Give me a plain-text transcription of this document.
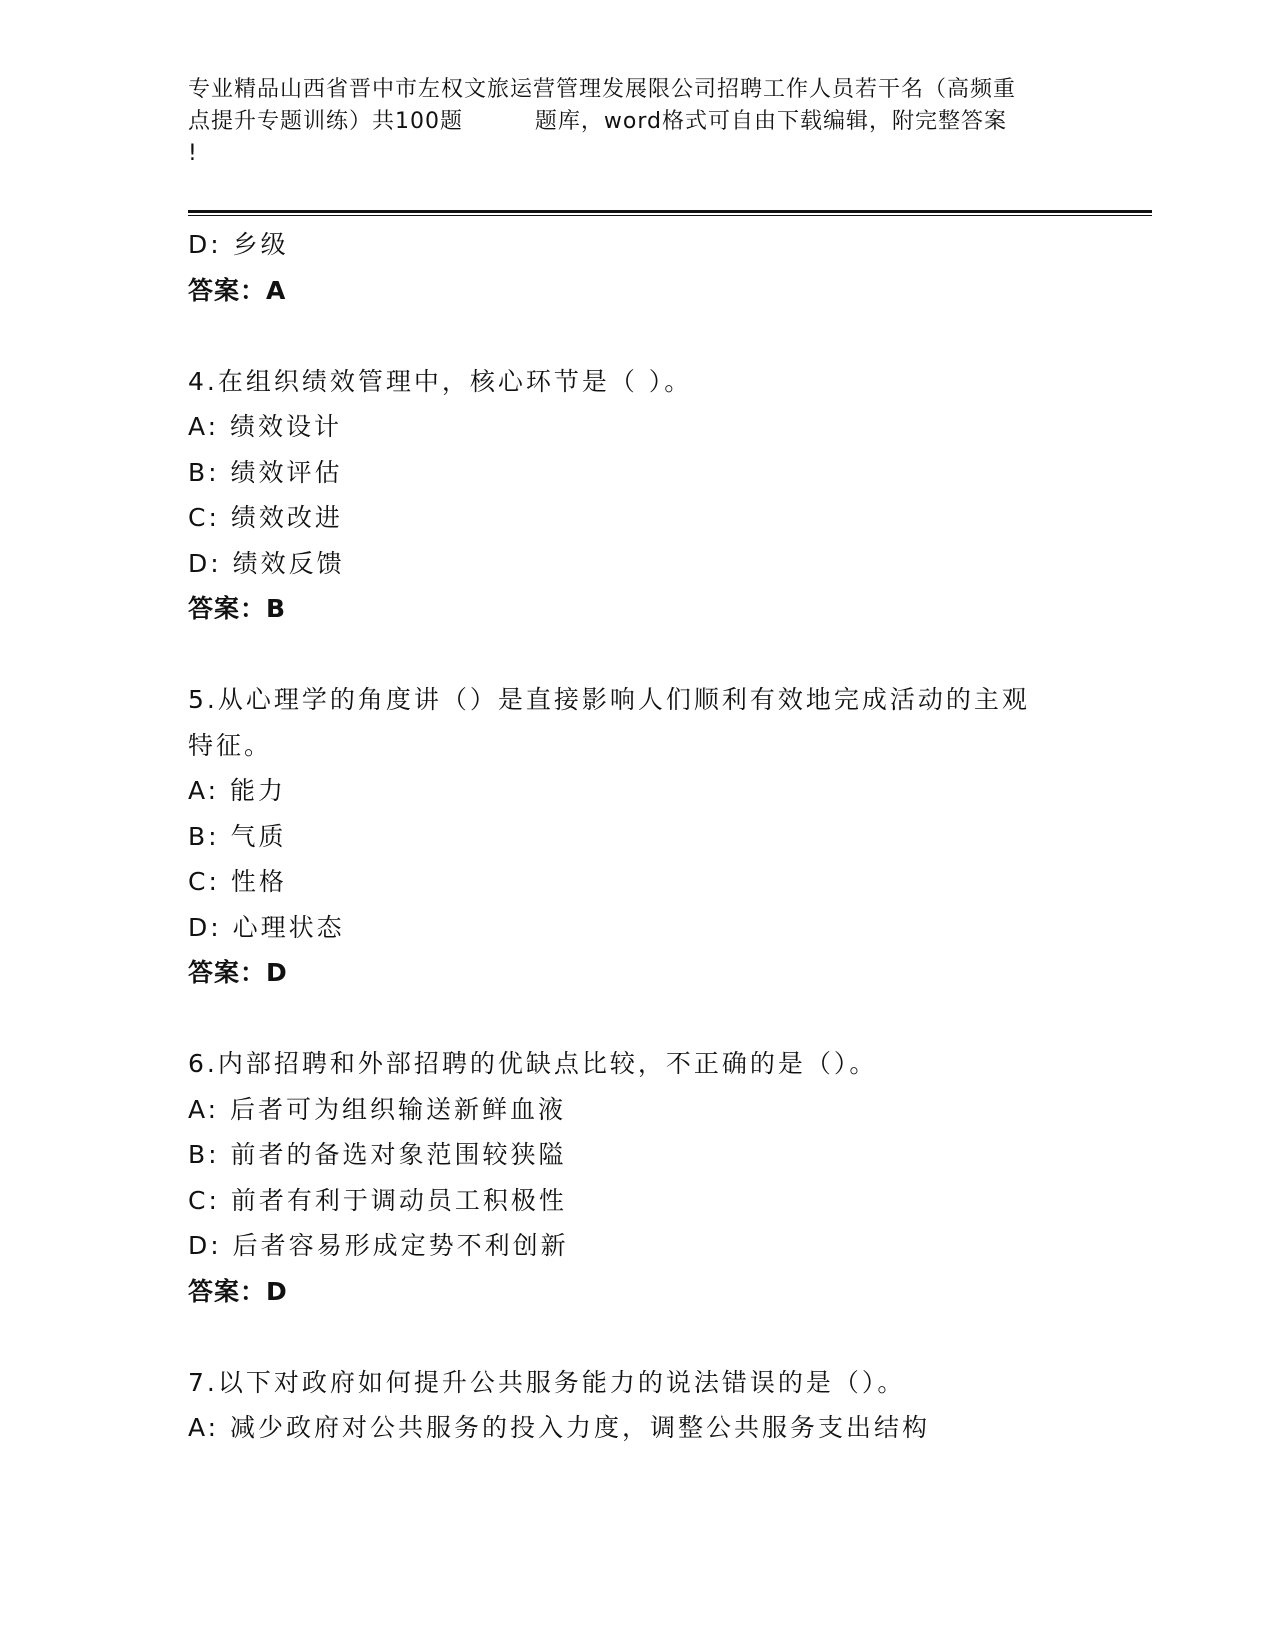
专业精品山西省晋中市左权文旅运营管理发展限公司招聘工作人员若干名（高频重
点提升专题训练）共100题         题库，word格式可自由下载编辑，附完整答案
!
D: 乡级
答案：A
4.在组织绩效管理中，核心环节是（ ）。
A: 绩效设计
B: 绩效评估
C: 绩效改进
D: 绩效反馈
答案：B
5.从心理学的角度讲（）是直接影响人们顺利有效地完成活动的主观
特征。
A: 能力
B: 气质
C: 性格
D: 心理状态
答案：D
6.内部招聘和外部招聘的优缺点比较，不正确的是（）。
A: 后者可为组织输送新鲜血液
B: 前者的备选对象范围较狭隘
C: 前者有利于调动员工积极性
D: 后者容易形成定势不利创新
答案：D
7.以下对政府如何提升公共服务能力的说法错误的是（）。
A: 减少政府对公共服务的投入力度，调整公共服务支出结构
